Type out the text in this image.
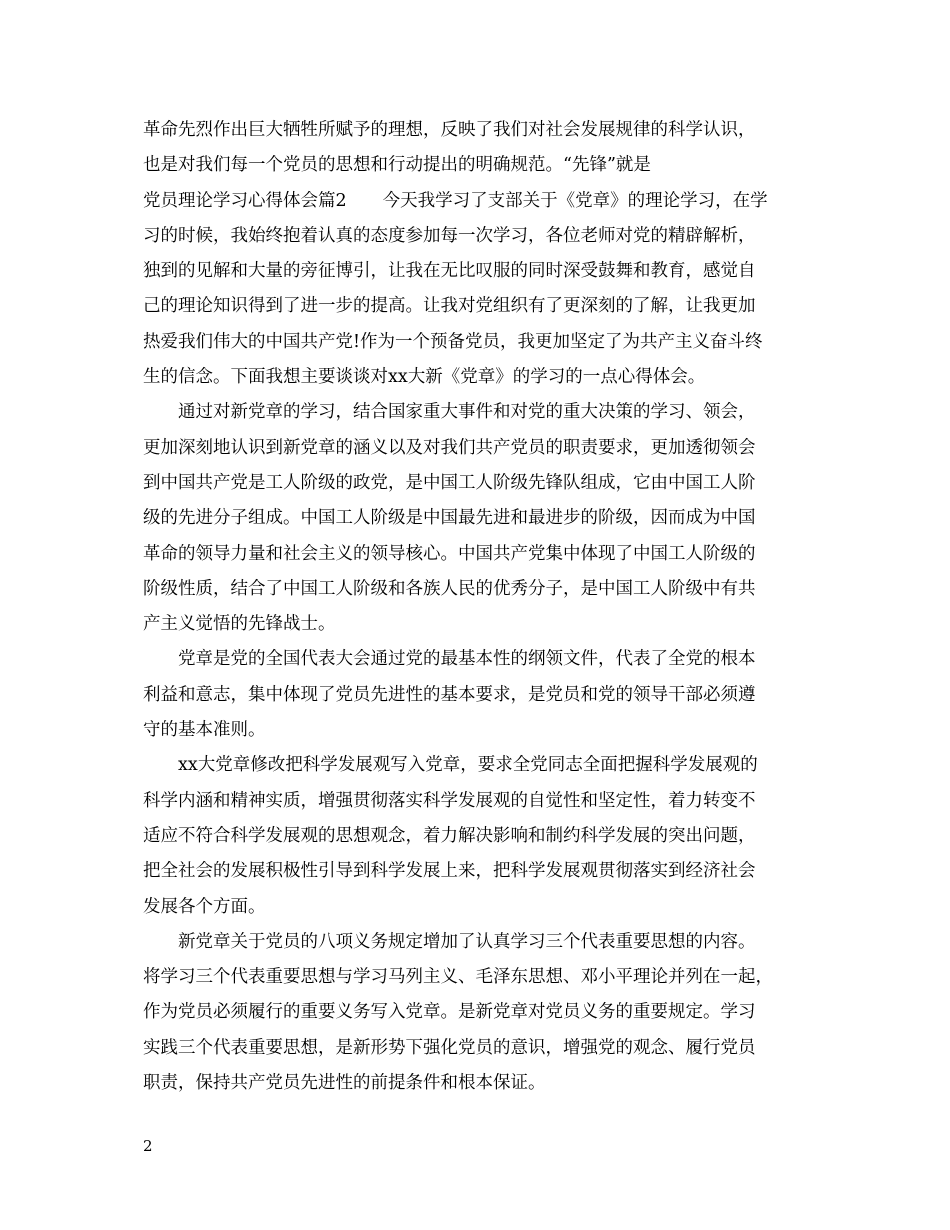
革命先烈作出巨大牺牲所赋予的理想，反映了我们对社会发展规律的科学认识，
也是对我们每一个党员的思想和行动提出的明确规范。“先锋”就是
党员理论学习心得体会篇2 今天我学习了支部关于《党章》的理论学习，在学
习的时候，我始终抱着认真的态度参加每一次学习，各位老师对党的精辟解析，
独到的见解和大量的旁征博引，让我在无比叹服的同时深受鼓舞和教育，感觉自
己的理论知识得到了进一步的提高。让我对党组织有了更深刻的了解，让我更加
热爱我们伟大的中国共产党!作为一个预备党员，我更加坚定了为共产主义奋斗终
生的信念。下面我想主要谈谈对xx大新《党章》的学习的一点心得体会。
通过对新党章的学习，结合国家重大事件和对党的重大决策的学习、领会，
更加深刻地认识到新党章的涵义以及对我们共产党员的职责要求，更加透彻领会
到中国共产党是工人阶级的政党，是中国工人阶级先锋队组成，它由中国工人阶
级的先进分子组成。中国工人阶级是中国最先进和最进步的阶级，因而成为中国
革命的领导力量和社会主义的领导核心。中国共产党集中体现了中国工人阶级的
阶级性质，结合了中国工人阶级和各族人民的优秀分子，是中国工人阶级中有共
产主义觉悟的先锋战士。
党章是党的全国代表大会通过党的最基本性的纲领文件，代表了全党的根本
利益和意志，集中体现了党员先进性的基本要求，是党员和党的领导干部必须遵
守的基本准则。
xx大党章修改把科学发展观写入党章，要求全党同志全面把握科学发展观的
科学内涵和精神实质，增强贯彻落实科学发展观的自觉性和坚定性，着力转变不
适应不符合科学发展观的思想观念，着力解决影响和制约科学发展的突出问题，
把全社会的发展积极性引导到科学发展上来，把科学发展观贯彻落实到经济社会
发展各个方面。
新党章关于党员的八项义务规定增加了认真学习三个代表重要思想的内容。
将学习三个代表重要思想与学习马列主义、毛泽东思想、邓小平理论并列在一起，
作为党员必须履行的重要义务写入党章。是新党章对党员义务的重要规定。学习
实践三个代表重要思想，是新形势下强化党员的意识，增强党的观念、履行党员
职责，保持共产党员先进性的前提条件和根本保证。
2
